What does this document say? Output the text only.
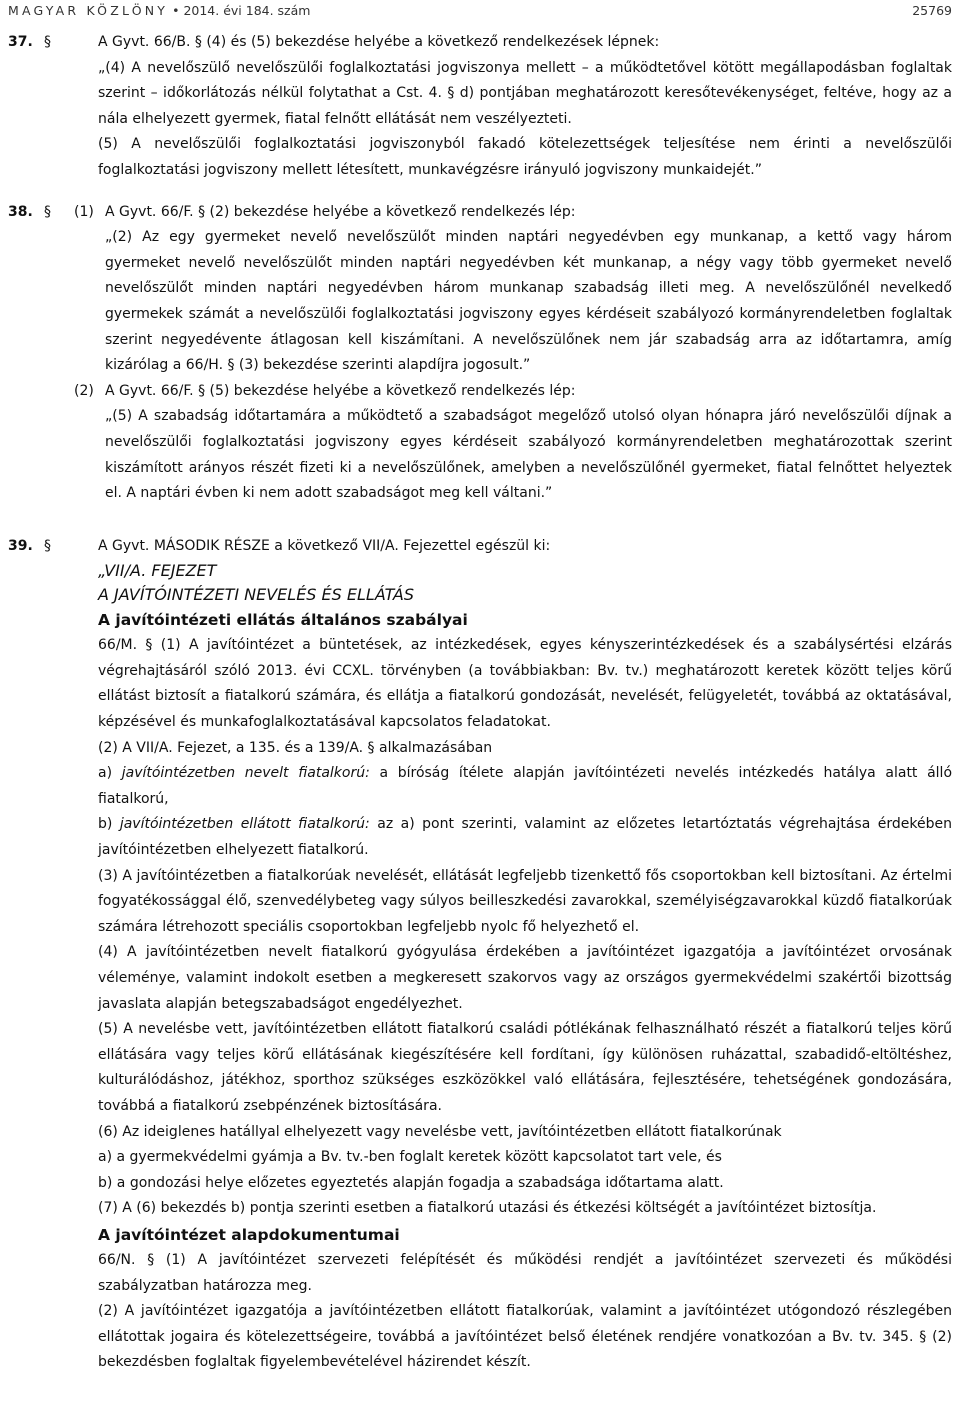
MAGYAR KÖZLÖNY • 2014. évi 184. szám	25769
37. §	A Gyvt. 66/B. § (4) és (5) bekezdése helyébe a következő rendelkezések lépnek:

„(4) A nevelőszülő nevelőszülői foglalkoztatási jogviszonya mellett – a működtetővel kötött megállapodásban foglaltak szerint – időkorlátozás nélkül folytathat a Cst. 4. § d) pontjában meghatározott keresőtevékenységet, feltéve, hogy az a nála elhelyezett gyermek, fiatal felnőtt ellátását nem veszélyezteti.

(5) A nevelőszülői foglalkoztatási jogviszonyból fakadó kötelezettségek teljesítése nem érinti a nevelőszülői foglalkoztatási jogviszony mellett létesített, munkavégzésre irányuló jogviszony munkaidejét.”

38. § (1) A Gyvt. 66/F. § (2) bekezdése helyébe a következő rendelkezés lép:

„(2) Az egy gyermeket nevelő nevelőszülőt minden naptári negyedévben egy munkanap, a kettő vagy három gyermeket nevelő nevelőszülőt minden naptári negyedévben két munkanap, a négy vagy több gyermeket nevelő nevelőszülőt minden naptári negyedévben három munkanap szabadság illeti meg. A nevelőszülőnél nevelkedő gyermekek számát a nevelőszülői foglalkoztatási jogviszony egyes kérdéseit szabályozó kormányrendeletben foglaltak szerint negyedévente átlagosan kell kiszámítani. A nevelőszülőnek nem jár szabadság arra az időtartamra, amíg kizárólag a 66/H. § (3) bekezdése szerinti alapdíjra jogosult.”

(2) A Gyvt. 66/F. § (5) bekezdése helyébe a következő rendelkezés lép:

„(5) A szabadság időtartamára a működtető a szabadságot megelőző utolsó olyan hónapra járó nevelőszülői díjnak a nevelőszülői foglalkoztatási jogviszony egyes kérdéseit szabályozó kormányrendeletben meghatározottak szerint kiszámított arányos részét fizeti ki a nevelőszülőnek, amelyben a nevelőszülőnél gyermeket, fiatal felnőttet helyeztek el. A naptári évben ki nem adott szabadságot meg kell váltani.”

39. §	A Gyvt. MÁSODIK RÉSZE a következő VII/A. Fejezettel egészül ki:

„VII/A. FEJEZET

A JAVÍTÓINTÉZETI NEVELÉS ÉS ELLÁTÁS

A javítóintézeti ellátás általános szabályai

66/M. § (1) A javítóintézet a büntetések, az intézkedések, egyes kényszerintézkedések és a szabálysértési elzárás végrehajtásáról szóló 2013. évi CCXL. törvényben (a továbbiakban: Bv. tv.) meghatározott keretek között teljes körű ellátást biztosít a fiatalkorú számára, és ellátja a fiatalkorú gondozását, nevelését, felügyeletét, továbbá az oktatásával, képzésével és munkafoglalkoztatásával kapcsolatos feladatokat.

(2) A VII/A. Fejezet, a 135. és a 139/A. § alkalmazásában

a) javítóintézetben nevelt fiatalkorú: a bíróság ítélete alapján javítóintézeti nevelés intézkedés hatálya alatt álló fiatalkorú,

b) javítóintézetben ellátott fiatalkorú: az a) pont szerinti, valamint az előzetes letartóztatás végrehajtása érdekében javítóintézetben elhelyezett fiatalkorú.

(3) A javítóintézetben a fiatalkorúak nevelését, ellátását legfeljebb tizenkettő fős csoportokban kell biztosítani. Az értelmi fogyatékossággal élő, szenvedélybeteg vagy súlyos beilleszkedési zavarokkal, személyiségzavarokkal küzdő fiatalkorúak számára létrehozott speciális csoportokban legfeljebb nyolc fő helyezhető el.

(4) A javítóintézetben nevelt fiatalkorú gyógyulása érdekében a javítóintézet igazgatója a javítóintézet orvosának véleménye, valamint indokolt esetben a megkeresett szakorvos vagy az országos gyermekvédelmi szakértői bizottság javaslata alapján betegszabadságot engedélyezhet.

(5) A nevelésbe vett, javítóintézetben ellátott fiatalkorú családi pótlékának felhasználható részét a fiatalkorú teljes körű ellátására vagy teljes körű ellátásának kiegészítésére kell fordítani, így különösen ruházattal, szabadidő-eltöltéshez, kulturálódáshoz, játékhoz, sporthoz szükséges eszközökkel való ellátására, fejlesztésére, tehetségének gondozására, továbbá a fiatalkorú zsebpénzének biztosítására.

(6) Az ideiglenes hatállyal elhelyezett vagy nevelésbe vett, javítóintézetben ellátott fiatalkorúnak

a) a gyermekvédelmi gyámja a Bv. tv.-ben foglalt keretek között kapcsolatot tart vele, és

b) a gondozási helye előzetes egyeztetés alapján fogadja a szabadsága időtartama alatt.

(7) A (6) bekezdés b) pontja szerinti esetben a fiatalkorú utazási és étkezési költségét a javítóintézet biztosítja.

A javítóintézet alapdokumentumai

66/N. § (1) A javítóintézet szervezeti felépítését és működési rendjét a javítóintézet szervezeti és működési szabályzatban határozza meg.

(2) A javítóintézet igazgatója a javítóintézetben ellátott fiatalkorúak, valamint a javítóintézet utógondozó részlegében ellátottak jogaira és kötelezettségeire, továbbá a javítóintézet belső életének rendjére vonatkozóan a Bv. tv. 345. § (2) bekezdésben foglaltak figyelembevételével házirendet készít.
